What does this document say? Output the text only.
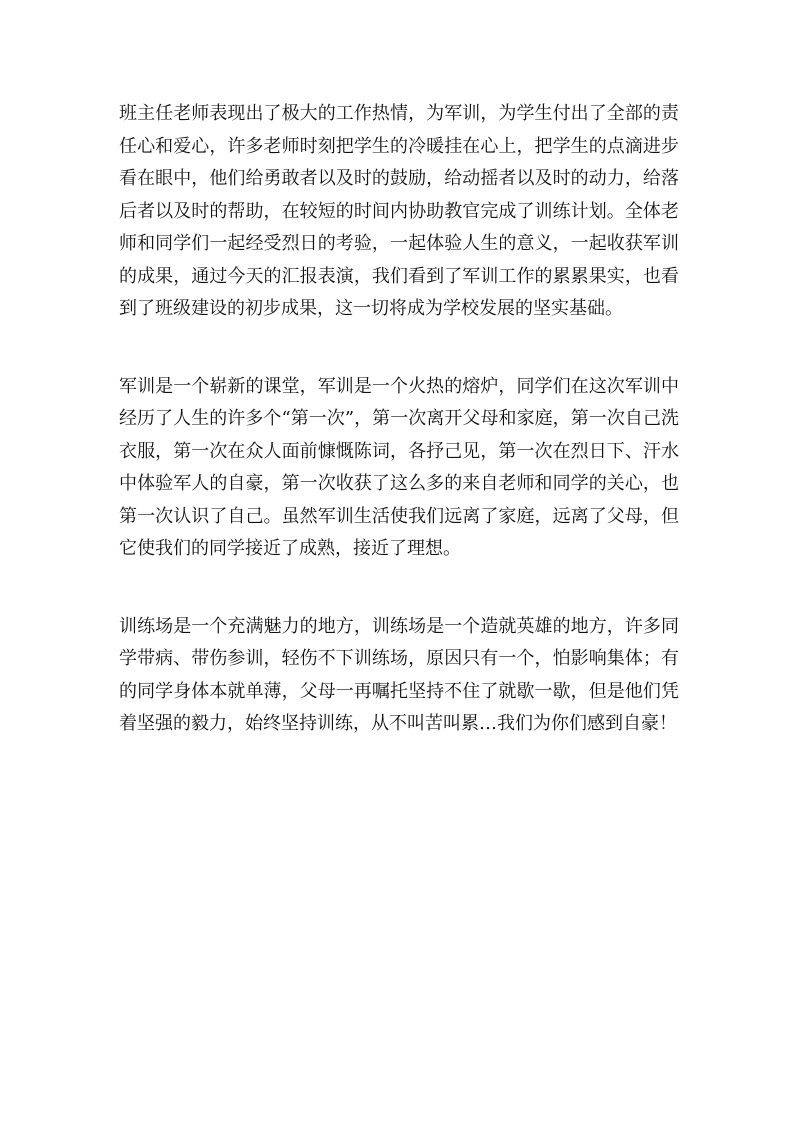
班主任老师表现出了极大的工作热情，为军训，为学生付出了全部的责任心和爱心，许多老师时刻把学生的冷暖挂在心上，把学生的点滴进步看在眼中，他们给勇敢者以及时的鼓励，给动摇者以及时的动力，给落后者以及时的帮助，在较短的时间内协助教官完成了训练计划。全体老师和同学们一起经受烈日的考验，一起体验人生的意义，一起收获军训的成果，通过今天的汇报表演，我们看到了军训工作的累累果实，也看到了班级建设的初步成果，这一切将成为学校发展的坚实基础。

军训是一个崭新的课堂，军训是一个火热的熔炉，同学们在这次军训中经历了人生的许多个“第一次”，第一次离开父母和家庭，第一次自己洗衣服，第一次在众人面前慷慨陈词，各抒己见，第一次在烈日下、汗水中体验军人的自豪，第一次收获了这么多的来自老师和同学的关心，也第一次认识了自己。虽然军训生活使我们远离了家庭，远离了父母，但它使我们的同学接近了成熟，接近了理想。

训练场是一个充满魅力的地方，训练场是一个造就英雄的地方，许多同学带病、带伤参训，轻伤不下训练场，原因只有一个，怕影响集体；有的同学身体本就单薄，父母一再嘱托坚持不住了就歇一歇，但是他们凭着坚强的毅力，始终坚持训练，从不叫苦叫累…我们为你们感到自豪！
